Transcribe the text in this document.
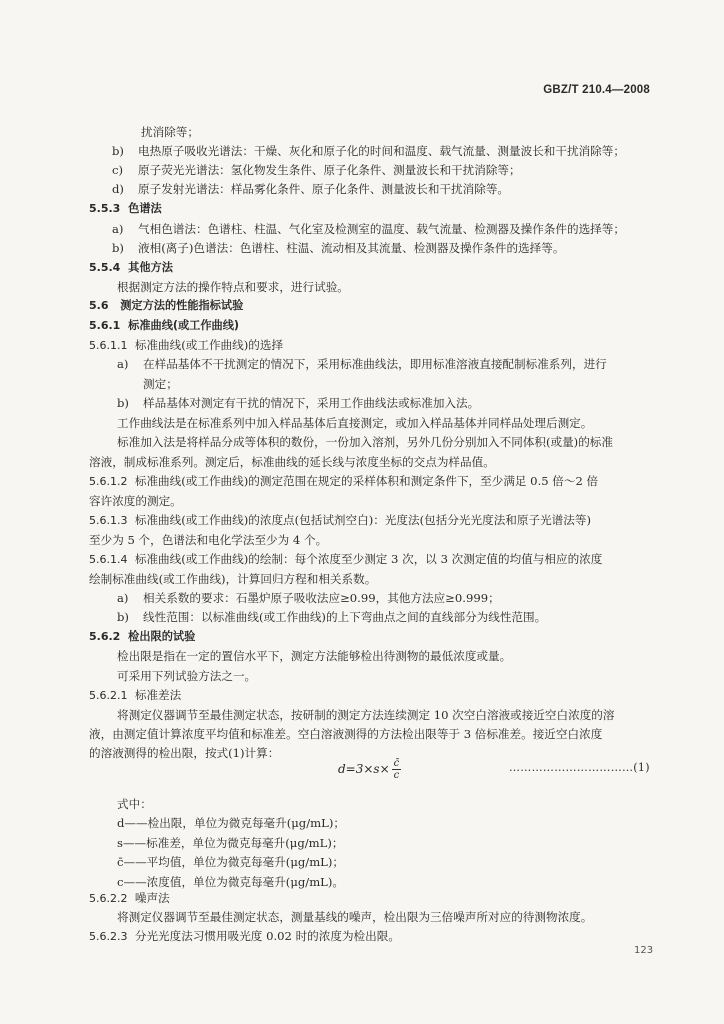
GBZ/T 210.4—2008
扰消除等；
b) 电热原子吸收光谱法：干燥、灰化和原子化的时间和温度、载气流量、测量波长和干扰消除等；
c) 原子荧光光谱法：氢化物发生条件、原子化条件、测量波长和干扰消除等；
d) 原子发射光谱法：样品雾化条件、原子化条件、测量波长和干扰消除等。
5.5.3 色谱法
a) 气相色谱法：色谱柱、柱温、气化室及检测室的温度、载气流量、检测器及操作条件的选择等；
b) 液相(离子)色谱法：色谱柱、柱温、流动相及其流量、检测器及操作条件的选择等。
5.5.4 其他方法
根据测定方法的操作特点和要求，进行试验。
5.6 测定方法的性能指标试验
5.6.1 标准曲线(或工作曲线)
5.6.1.1 标准曲线(或工作曲线)的选择
a) 在样品基体不干扰测定的情况下，采用标准曲线法，即用标准溶液直接配制标准系列，进行
测定；
b) 样品基体对测定有干扰的情况下，采用工作曲线法或标准加入法。
工作曲线法是在标准系列中加入样品基体后直接测定，或加入样品基体并同样品处理后测定。
标准加入法是将样品分成等体积的数份，一份加入溶剂，另外几份分别加入不同体积(或量)的标准
溶液，制成标准系列。测定后，标准曲线的延长线与浓度坐标的交点为样品值。
5.6.1.2 标准曲线(或工作曲线)的测定范围在规定的采样体积和测定条件下，至少满足 0.5 倍～2 倍
容许浓度的测定。
5.6.1.3 标准曲线(或工作曲线)的浓度点(包括试剂空白)：光度法(包括分光光度法和原子光谱法等)
至少为 5 个，色谱法和电化学法至少为 4 个。
5.6.1.4 标准曲线(或工作曲线)的绘制：每个浓度至少测定 3 次，以 3 次测定值的均值与相应的浓度
绘制标准曲线(或工作曲线)，计算回归方程和相关系数。
a) 相关系数的要求：石墨炉原子吸收法应≥0.99，其他方法应≥0.999；
b) 线性范围：以标准曲线(或工作曲线)的上下弯曲点之间的直线部分为线性范围。
5.6.2 检出限的试验
检出限是指在一定的置信水平下，测定方法能够检出待测物的最低浓度或量。
可采用下列试验方法之一。
5.6.2.1 标准差法
将测定仪器调节至最佳测定状态，按研制的测定方法连续测定 10 次空白溶液或接近空白浓度的溶
液，由测定值计算浓度平均值和标准差。空白溶液测得的方法检出限等于 3 倍标准差。接近空白浓度
的溶液测得的检出限，按式(1)计算：
$d=3\times s\times \frac{c̄}{c}$	……………………………(1)
式中：
d——检出限，单位为微克每毫升(μg/mL)；
s——标准差，单位为微克每毫升(μg/mL)；
c̄——平均值，单位为微克每毫升(μg/mL)；
c——浓度值，单位为微克每毫升(μg/mL)。
5.6.2.2 噪声法
将测定仪器调节至最佳测定状态，测量基线的噪声，检出限为三倍噪声所对应的待测物浓度。
5.6.2.3 分光光度法习惯用吸光度 0.02 时的浓度为检出限。
123
